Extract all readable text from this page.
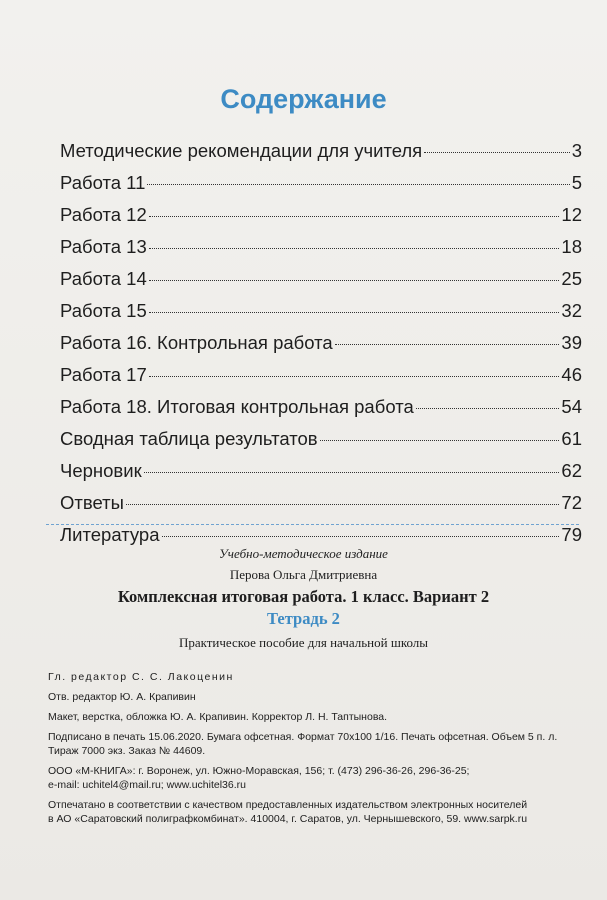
Содержание
Методические рекомендации для учителя	3
Работа 11	5
Работа 12	12
Работа 13	18
Работа 14	25
Работа 15	32
Работа 16. Контрольная работа	39
Работа 17	46
Работа 18. Итоговая контрольная работа	54
Сводная таблица результатов	61
Черновик	62
Ответы	72
Литература	79
Учебно-методическое издание
Перова Ольга Дмитриевна
Комплексная итоговая работа. 1 класс. Вариант 2
Тетрадь 2
Практическое пособие для начальной школы
Гл. редактор С. С. Лакоценин
Отв. редактор Ю. А. Крапивин
Макет, верстка, обложка Ю. А. Крапивин. Корректор Л. Н. Таптынова.
Подписано в печать 15.06.2020. Бумага офсетная. Формат 70х100 1/16. Печать офсетная. Объем 5 п. л.
Тираж 7000 экз. Заказ № 44609.
ООО «М-КНИГА»: г. Воронеж, ул. Южно-Моравская, 156; т. (473) 296-36-26, 296-36-25;
e-mail: uchitel4@mail.ru; www.uchitel36.ru
Отпечатано в соответствии с качеством предоставленных издательством электронных носителей
в АО «Саратовский полиграфкомбинат». 410004, г. Саратов, ул. Чернышевского, 59. www.sarpk.ru
